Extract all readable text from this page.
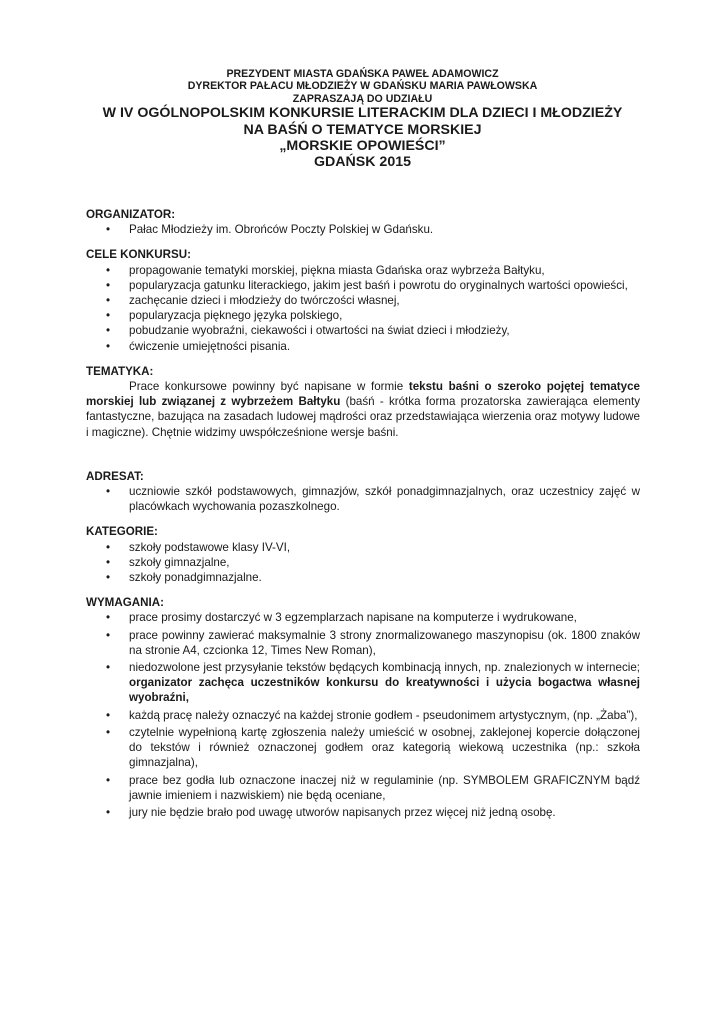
PREZYDENT MIASTA GDAŃSKA PAWEŁ ADAMOWICZ

DYREKTOR PAŁACU MŁODZIEŻY W GDAŃSKU MARIA PAWŁOWSKA

ZAPRASZAJĄ DO UDZIAŁU

W IV OGÓLNOPOLSKIM KONKURSIE LITERACKIM DLA DZIECI I MŁODZIEŻY

NA BAŚŃ O TEMATYCE MORSKIEJ

„MORSKIE OPOWIEŚCI”

GDAŃSK 2015

ORGANIZATOR:

• Pałac Młodzieży im. Obrońców Poczty Polskiej w Gdańsku.

CELE KONKURSU:

• propagowanie tematyki morskiej, piękna miasta Gdańska oraz wybrzeża Bałtyku,
• popularyzacja gatunku literackiego, jakim jest baśń i powrotu do oryginalnych wartości opowieści,
• zachęcanie dzieci i młodzieży do twórczości własnej,
• popularyzacja pięknego języka polskiego,
• pobudzanie wyobraźni, ciekawości i otwartości na świat dzieci i młodzieży,
• ćwiczenie umiejętności pisania.

TEMATYKA:

Prace konkursowe powinny być napisane w formie tekstu baśni o szeroko pojętej tematyce morskiej lub związanej z wybrzeżem Bałtyku (baśń - krótka forma prozatorska zawierająca elementy fantastyczne, bazująca na zasadach ludowej mądrości oraz przedstawiająca wierzenia oraz motywy ludowe i magiczne). Chętnie widzimy uwspółcześnione wersje baśni.

ADRESAT:

• uczniowie szkół podstawowych, gimnazjów, szkół ponadgimnazjalnych, oraz uczestnicy zajęć w placówkach wychowania pozaszkolnego.

KATEGORIE:

• szkoły podstawowe klasy IV-VI,
• szkoły gimnazjalne,
• szkoły ponadgimnazjalne.

WYMAGANIA:

• prace prosimy dostarczyć w 3 egzemplarzach napisane na komputerze i wydrukowane,
• prace powinny zawierać maksymalnie 3 strony znormalizowanego maszynopisu (ok. 1800 znaków na stronie A4, czcionka 12, Times New Roman),
• niedozwolone jest przysyłanie tekstów będących kombinacją innych, np. znalezionych w internecie; organizator zachęca uczestników konkursu do kreatywności i użycia bogactwa własnej wyobraźni,
• każdą pracę należy oznaczyć na każdej stronie godłem - pseudonimem artystycznym, (np. „Żaba”),
• czytelnie wypełnioną kartę zgłoszenia należy umieścić w osobnej, zaklejonej kopercie dołączonej do tekstów i również oznaczonej godłem oraz kategorią wiekową uczestnika (np.: szkoła gimnazjalna),
• prace bez godła lub oznaczone inaczej niż w regulaminie (np. SYMBOLEM GRAFICZNYM bądź jawnie imieniem i nazwiskiem) nie będą oceniane,
• jury nie będzie brało pod uwagę utworów napisanych przez więcej niż jedną osobę.
